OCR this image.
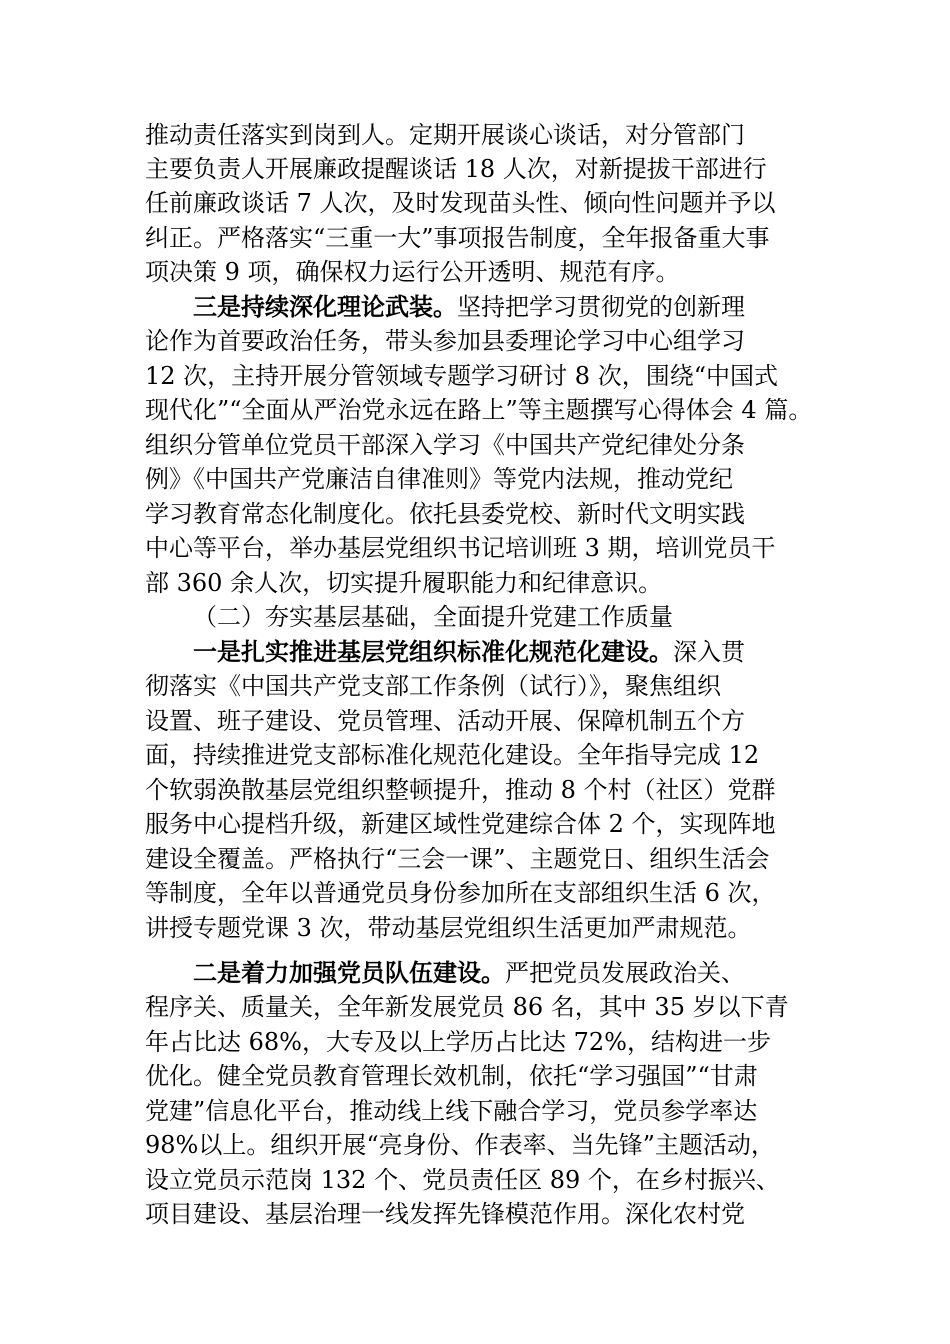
推动责任落实到岗到人。定期开展谈心谈话，对分管部门
主要负责人开展廉政提醒谈话 18 人次，对新提拔干部进行
任前廉政谈话 7 人次，及时发现苗头性、倾向性问题并予以
纠正。严格落实“三重一大”事项报告制度，全年报备重大事
项决策 9 项，确保权力运行公开透明、规范有序。
三是持续深化理论武装。坚持把学习贯彻党的创新理
论作为首要政治任务，带头参加县委理论学习中心组学习
12 次，主持开展分管领域专题学习研讨 8 次，围绕“中国式
现代化”“全面从严治党永远在路上”等主题撰写心得体会 4 篇。
组织分管单位党员干部深入学习《中国共产党纪律处分条
例》《中国共产党廉洁自律准则》等党内法规，推动党纪
学习教育常态化制度化。依托县委党校、新时代文明实践
中心等平台，举办基层党组织书记培训班 3 期，培训党员干
部 360 余人次，切实提升履职能力和纪律意识。
（二）夯实基层基础，全面提升党建工作质量
一是扎实推进基层党组织标准化规范化建设。深入贯
彻落实《中国共产党支部工作条例（试行）》，聚焦组织
设置、班子建设、党员管理、活动开展、保障机制五个方
面，持续推进党支部标准化规范化建设。全年指导完成 12
个软弱涣散基层党组织整顿提升，推动 8 个村（社区）党群
服务中心提档升级，新建区域性党建综合体 2 个，实现阵地
建设全覆盖。严格执行“三会一课”、主题党日、组织生活会
等制度，全年以普通党员身份参加所在支部组织生活 6 次，
讲授专题党课 3 次，带动基层党组织生活更加严肃规范。
二是着力加强党员队伍建设。严把党员发展政治关、
程序关、质量关，全年新发展党员 86 名，其中 35 岁以下青
年占比达 68%，大专及以上学历占比达 72%，结构进一步
优化。健全党员教育管理长效机制，依托“学习强国”“甘肃
党建”信息化平台，推动线上线下融合学习，党员参学率达
98%以上。组织开展“亮身份、作表率、当先锋”主题活动，
设立党员示范岗 132 个、党员责任区 89 个，在乡村振兴、
项目建设、基层治理一线发挥先锋模范作用。深化农村党
